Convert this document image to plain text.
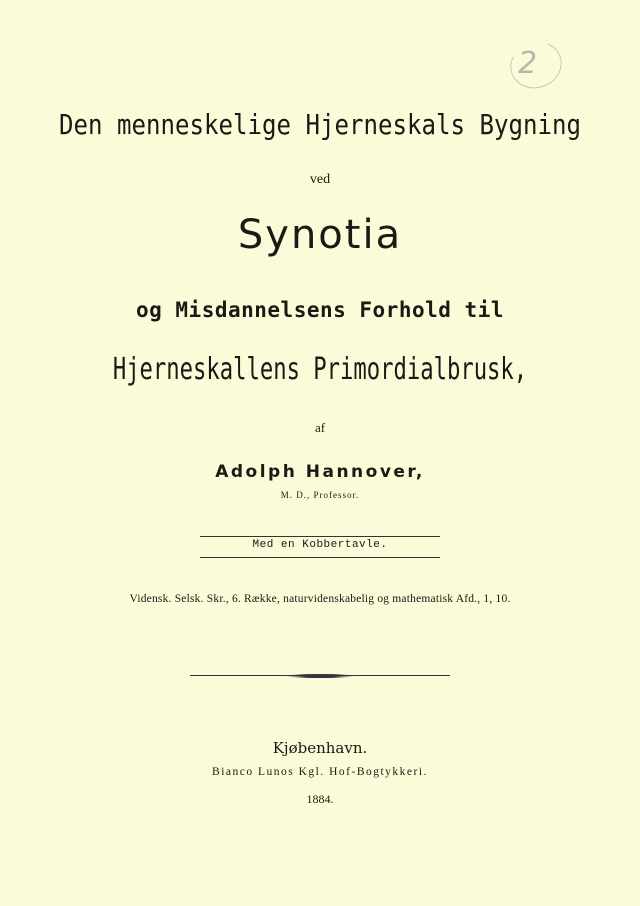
2
Den menneskelige Hjerneskals Bygning
ved
Synotia
og Misdannelsens Forhold til
Hjerneskallens Primordialbrusk,
af
Adolph Hannover,
M. D., Professor.
Med en Kobbertavle.
Vidensk. Selsk. Skr., 6. Række, naturvidenskabelig og mathematisk Afd., 1, 10.
Kjøbenhavn.
Bianco Lunos Kgl. Hof-Bogtykkeri.
1884.
